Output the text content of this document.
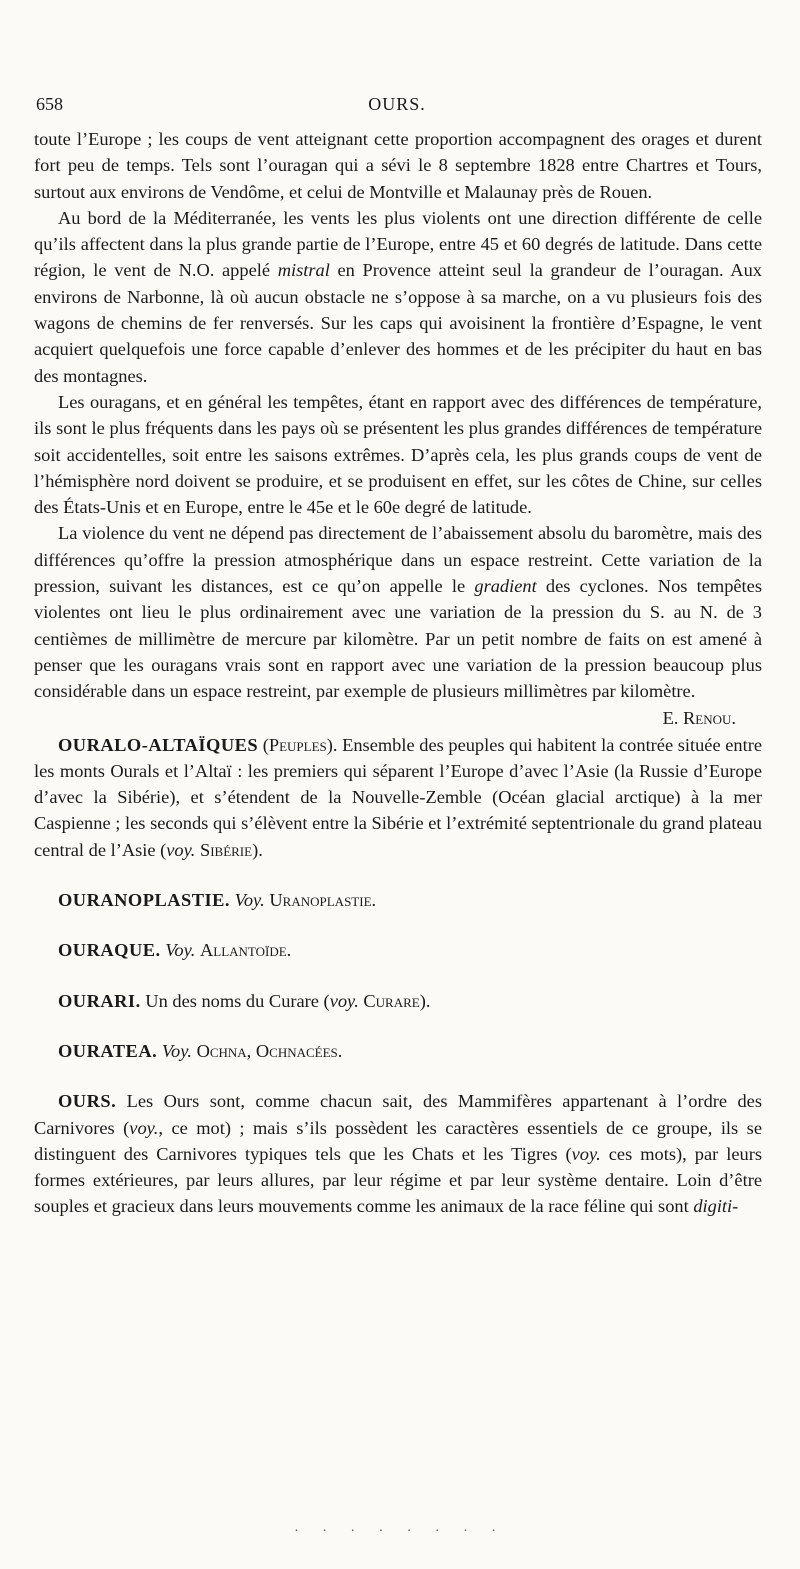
658	OURS.

toute l’Europe ; les coups de vent atteignant cette proportion accompagnent des orages et durent fort peu de temps. Tels sont l’ouragan qui a sévi le 8 septembre 1828 entre Chartres et Tours, surtout aux environs de Vendôme, et celui de Montville et Malaunay près de Rouen.

Au bord de la Méditerranée, les vents les plus violents ont une direction différente de celle qu’ils affectent dans la plus grande partie de l’Europe, entre 45 et 60 degrés de latitude. Dans cette région, le vent de N.O. appelé mistral en Provence atteint seul la grandeur de l’ouragan. Aux environs de Narbonne, là où aucun obstacle ne s’oppose à sa marche, on a vu plusieurs fois des wagons de chemins de fer renversés. Sur les caps qui avoisinent la frontière d’Espagne, le vent acquiert quelquefois une force capable d’enlever des hommes et de les précipiter du haut en bas des montagnes.

Les ouragans, et en général les tempêtes, étant en rapport avec des différences de température, ils sont le plus fréquents dans les pays où se présentent les plus grandes différences de température soit accidentelles, soit entre les saisons extrêmes. D’après cela, les plus grands coups de vent de l’hémisphère nord doivent se produire, et se produisent en effet, sur les côtes de Chine, sur celles des États-Unis et en Europe, entre le 45e et le 60e degré de latitude.

La violence du vent ne dépend pas directement de l’abaissement absolu du baromètre, mais des différences qu’offre la pression atmosphérique dans un espace restreint. Cette variation de la pression, suivant les distances, est ce qu’on appelle le gradient des cyclones. Nos tempêtes violentes ont lieu le plus ordinairement avec une variation de la pression du S. au N. de 3 centièmes de millimètre de mercure par kilomètre. Par un petit nombre de faits on est amené à penser que les ouragans vrais sont en rapport avec une variation de la pression beaucoup plus considérable dans un espace restreint, par exemple de plusieurs millimètres par kilomètre.
E. Renou.

OURALO-ALTAÏQUES (Peuples). Ensemble des peuples qui habitent la contrée située entre les monts Ourals et l’Altaï : les premiers qui séparent l’Europe d’avec l’Asie (la Russie d’Europe d’avec la Sibérie), et s’étendent de la Nouvelle-Zemble (Océan glacial arctique) à la mer Caspienne ; les seconds qui s’élèvent entre la Sibérie et l’extrémité septentrionale du grand plateau central de l’Asie (voy. Sibérie).

OURANOPLASTIE. Voy. Uranoplastie.

OURAQUE. Voy. Allantoïde.

OURARI. Un des noms du Curare (voy. Curare).

OURATEA. Voy. Ochna, Ochnacées.

OURS. Les Ours sont, comme chacun sait, des Mammifères appartenant à l’ordre des Carnivores (voy., ce mot) ; mais s’ils possèdent les caractères essentiels de ce groupe, ils se distinguent des Carnivores typiques tels que les Chats et les Tigres (voy. ces mots), par leurs formes extérieures, par leurs allures, par leur régime et par leur système dentaire. Loin d’être souples et gracieux dans leurs mouvements comme les animaux de la race féline qui sont digiti-

· · · · · · · ·
